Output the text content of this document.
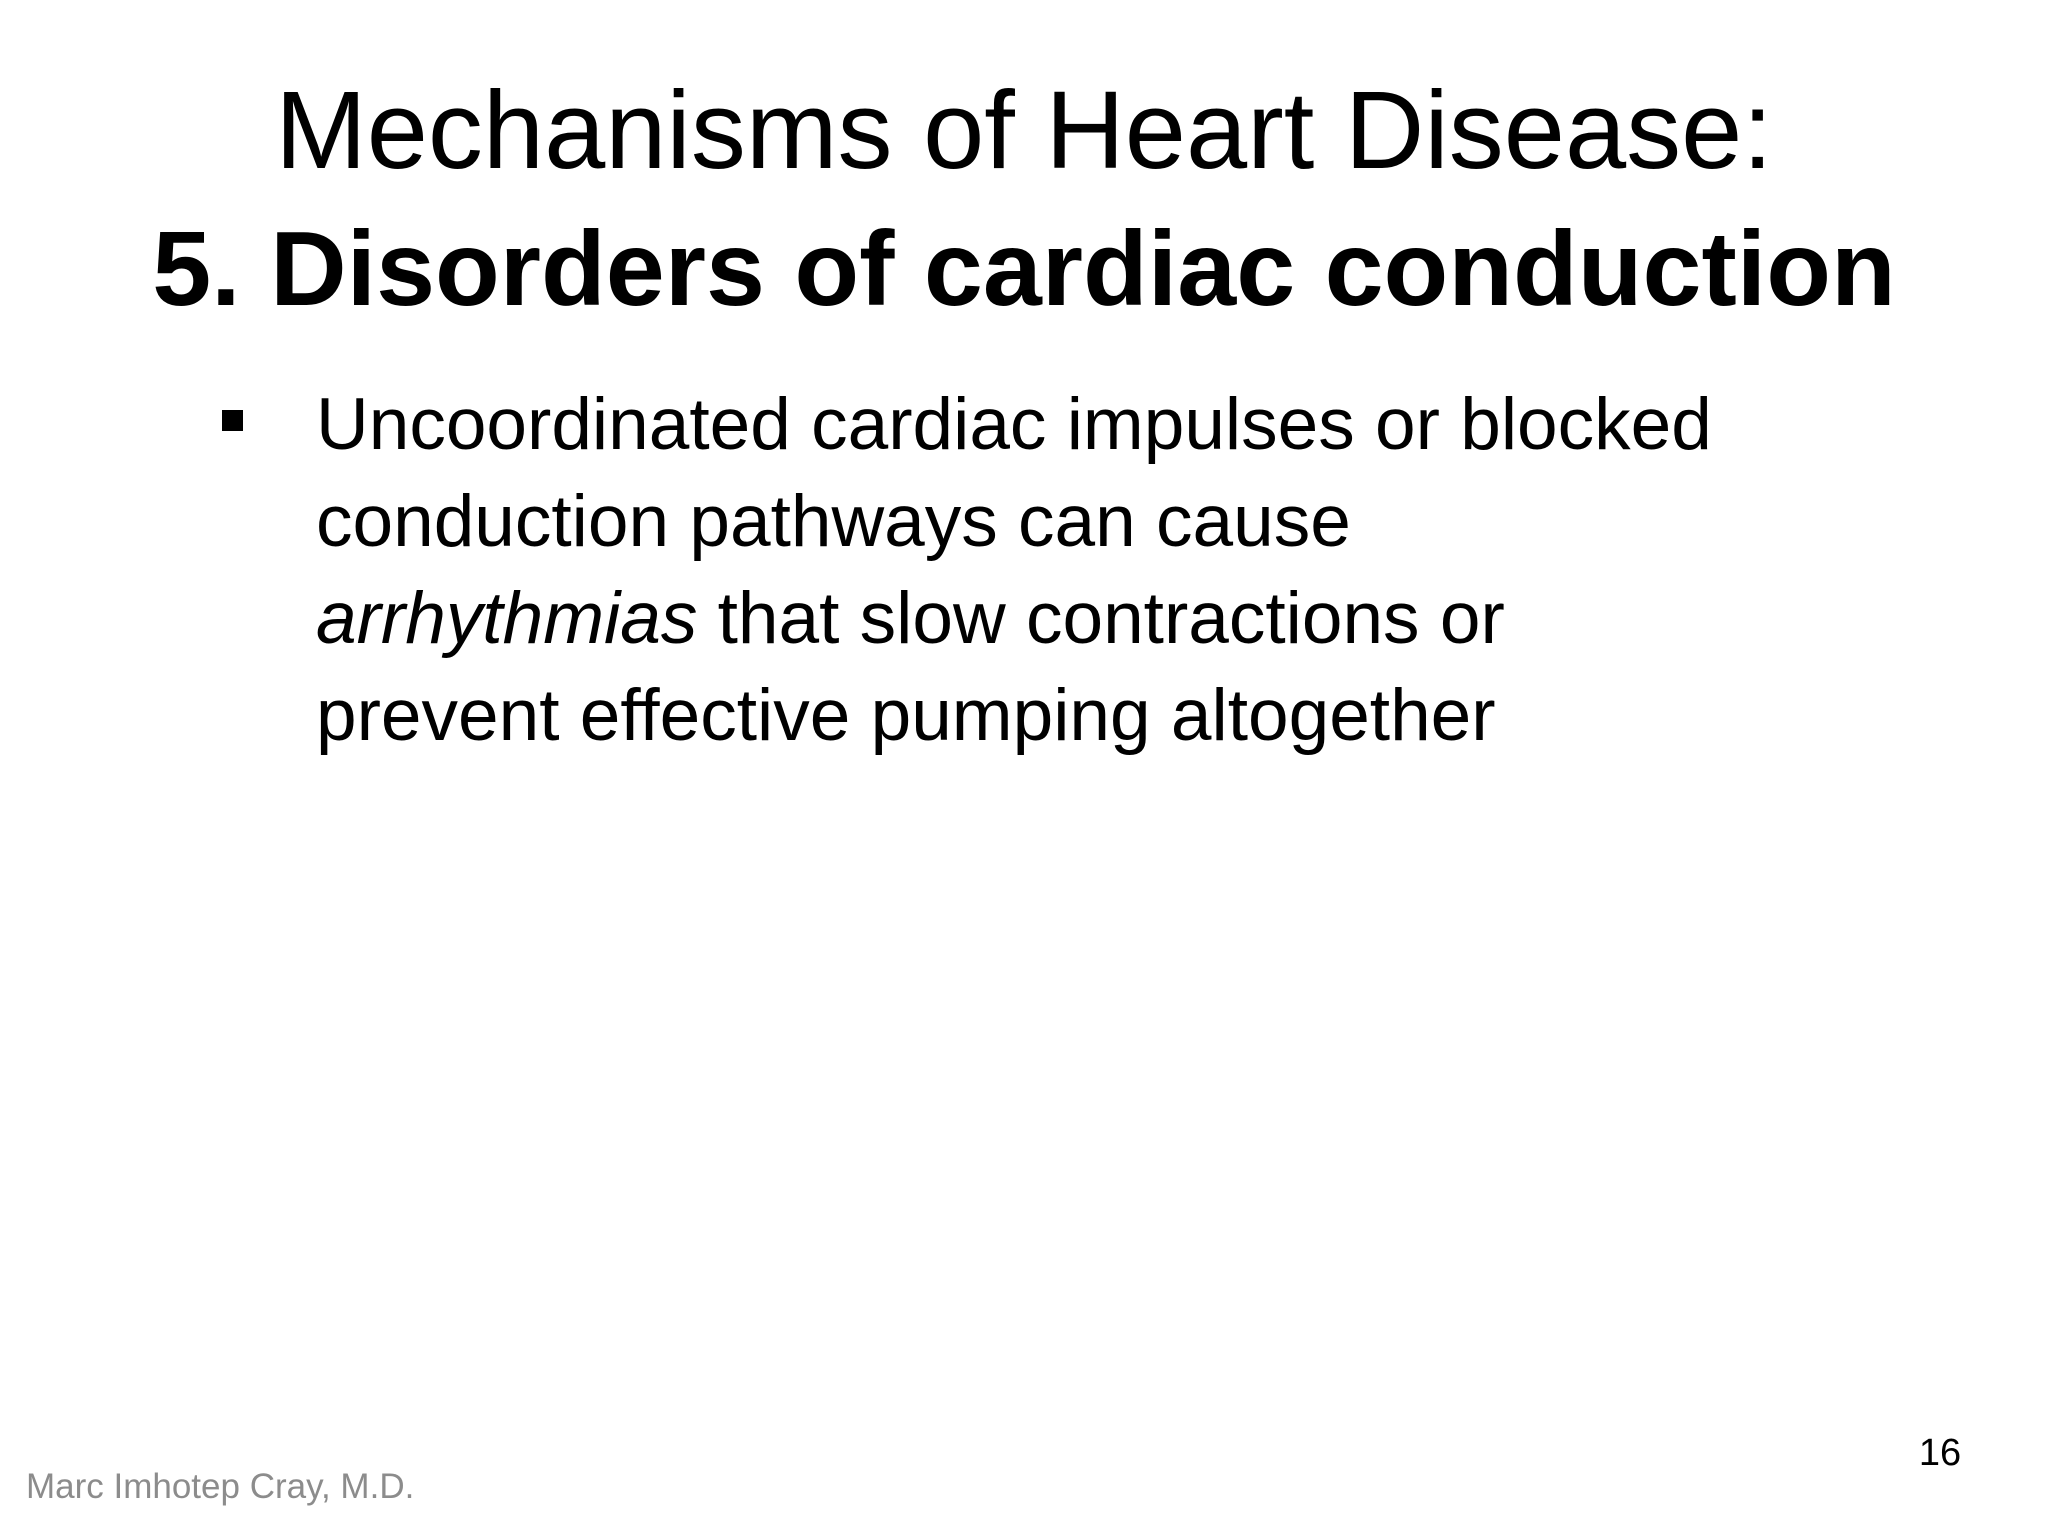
Mechanisms of Heart Disease:
5. Disorders of cardiac conduction
Uncoordinated cardiac impulses or blocked
conduction pathways can cause
arrhythmias that slow contractions or
prevent effective pumping altogether
16
Marc Imhotep Cray, M.D.
